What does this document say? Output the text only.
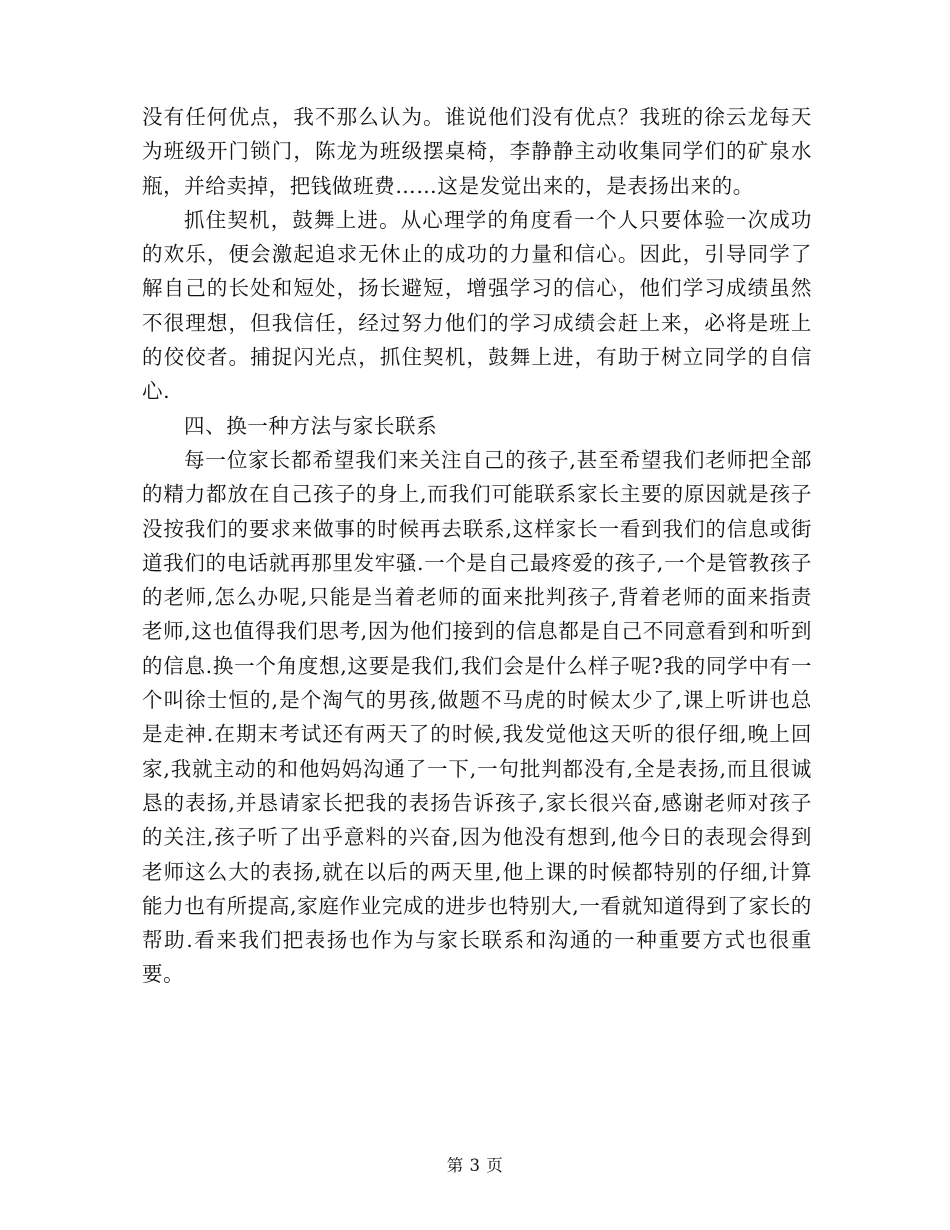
没有任何优点，我不那么认为。谁说他们没有优点？我班的徐云龙每天为班级开门锁门，陈龙为班级摆桌椅，李静静主动收集同学们的矿泉水瓶，并给卖掉，把钱做班费……这是发觉出来的，是表扬出来的。

抓住契机，鼓舞上进。从心理学的角度看一个人只要体验一次成功的欢乐，便会激起追求无休止的成功的力量和信心。因此，引导同学了解自己的长处和短处，扬长避短，增强学习的信心，他们学习成绩虽然不很理想，但我信任，经过努力他们的学习成绩会赶上来，必将是班上的佼佼者。捕捉闪光点，抓住契机，鼓舞上进，有助于树立同学的自信心.

四、换一种方法与家长联系

每一位家长都希望我们来关注自己的孩子,甚至希望我们老师把全部的精力都放在自己孩子的身上,而我们可能联系家长主要的原因就是孩子没按我们的要求来做事的时候再去联系,这样家长一看到我们的信息或街道我们的电话就再那里发牢骚.一个是自己最疼爱的孩子,一个是管教孩子的老师,怎么办呢,只能是当着老师的面来批判孩子,背着老师的面来指责老师,这也值得我们思考,因为他们接到的信息都是自己不同意看到和听到的信息.换一个角度想,这要是我们,我们会是什么样子呢?我的同学中有一个叫徐士恒的,是个淘气的男孩,做题不马虎的时候太少了,课上听讲也总是走神.在期末考试还有两天了的时候,我发觉他这天听的很仔细,晚上回家,我就主动的和他妈妈沟通了一下,一句批判都没有,全是表扬,而且很诚恳的表扬,并恳请家长把我的表扬告诉孩子,家长很兴奋,感谢老师对孩子的关注,孩子听了出乎意料的兴奋,因为他没有想到,他今日的表现会得到老师这么大的表扬,就在以后的两天里,他上课的时候都特别的仔细,计算能力也有所提高,家庭作业完成的进步也特别大,一看就知道得到了家长的帮助.看来我们把表扬也作为与家长联系和沟通的一种重要方式也很重要。

第 3 页
